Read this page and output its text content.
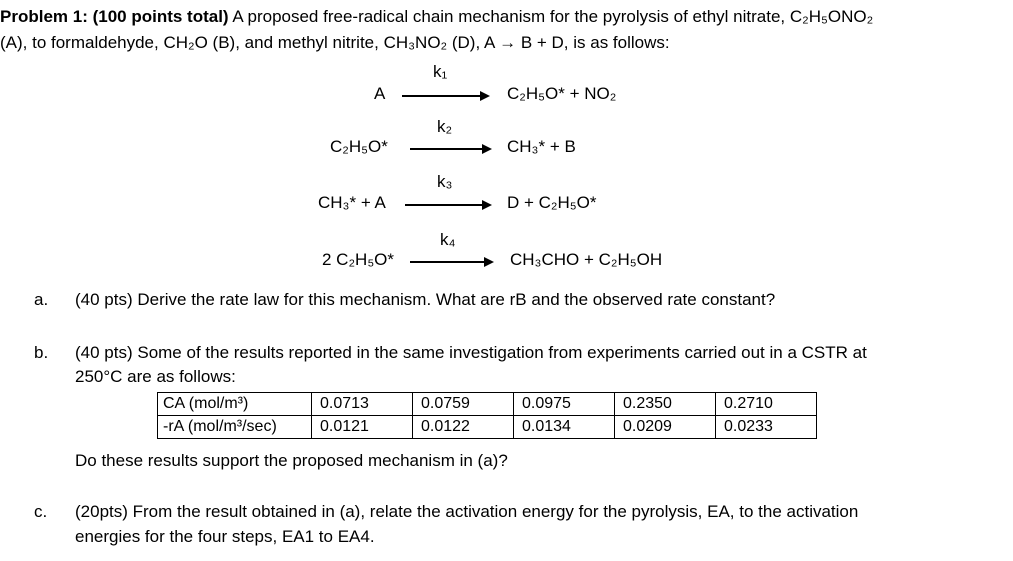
Problem 1: (100 points total) A proposed free-radical chain mechanism for the pyrolysis of ethyl nitrate, C₂H₅ONO₂
(A), to formaldehyde, CH₂O (B), and methyl nitrite, CH₃NO₂ (D), A → B + D, is as follows:
A
k₁
C₂H₅O* + NO₂
C₂H₅O*
k₂
CH₃* + B
CH₃* + A
k₃
D + C₂H₅O*
2 C₂H₅O*
k₄
CH₃CHO + C₂H₅OH
a. (40 pts) Derive the rate law for this mechanism. What are rB and the observed rate constant?
b. (40 pts) Some of the results reported in the same investigation from experiments carried out in a CSTR at
250°C are as follows:
CA (mol/m³)	0.0713	0.0759	0.0975	0.2350	0.2710
-rA (mol/m³/sec)	0.0121	0.0122	0.0134	0.0209	0.0233
Do these results support the proposed mechanism in (a)?
c. (20pts) From the result obtained in (a), relate the activation energy for the pyrolysis, EA, to the activation
energies for the four steps, EA1 to EA4.
